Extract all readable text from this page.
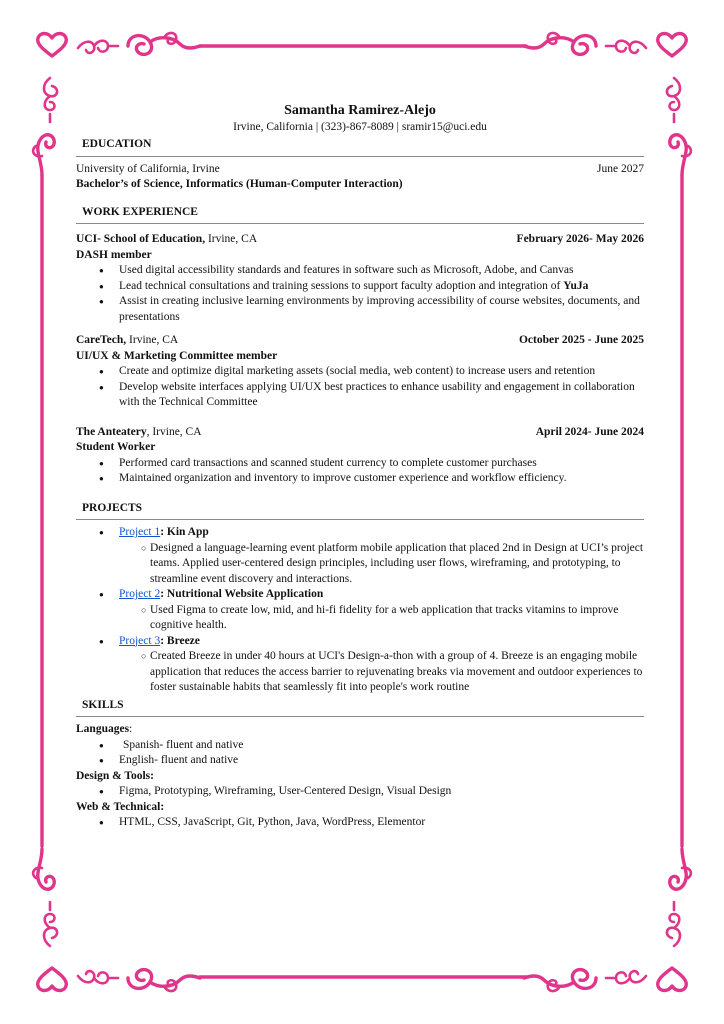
Samantha Ramirez-Alejo
Irvine, California | (323)-867-8089 | sramir15@uci.edu
EDUCATION
University of California, Irvine	June 2027
Bachelor’s of Science, Informatics (Human-Computer Interaction)
WORK EXPERIENCE
UCI- School of Education, Irvine, CA	February 2026- May 2026
DASH member
● Used digital accessibility standards and features in software such as Microsoft, Adobe, and Canvas
● Lead technical consultations and training sessions to support faculty adoption and integration of YuJa
● Assist in creating inclusive learning environments by improving accessibility of course websites, documents, and presentations
CareTech, Irvine, CA	October 2025 - June 2025
UI/UX & Marketing Committee member
● Create and optimize digital marketing assets (social media, web content) to increase users and retention
● Develop website interfaces applying UI/UX best practices to enhance usability and engagement in collaboration with the Technical Committee
The Anteatery, Irvine, CA	April 2024- June 2024
Student Worker
● Performed card transactions and scanned student currency to complete customer purchases
● Maintained organization and inventory to improve customer experience and workflow efficiency.
PROJECTS
● Project 1: Kin App
○ Designed a language-learning event platform mobile application that placed 2nd in Design at UCI’s project teams. Applied user-centered design principles, including user flows, wireframing, and prototyping, to streamline event discovery and interactions.
● Project 2: Nutritional Website Application
○ Used Figma to create low, mid, and hi-fi fidelity for a web application that tracks vitamins to improve cognitive health.
● Project 3: Breeze
○ Created Breeze in under 40 hours at UCI's Design-a-thon with a group of 4. Breeze is an engaging mobile application that reduces the access barrier to rejuvenating breaks via movement and outdoor experiences to foster sustainable habits that seamlessly fit into people's work routine
SKILLS
Languages:
● Spanish- fluent and native
● English- fluent and native
Design & Tools:
● Figma, Prototyping, Wireframing, User-Centered Design, Visual Design
Web & Technical:
● HTML, CSS, JavaScript, Git, Python, Java, WordPress, Elementor
